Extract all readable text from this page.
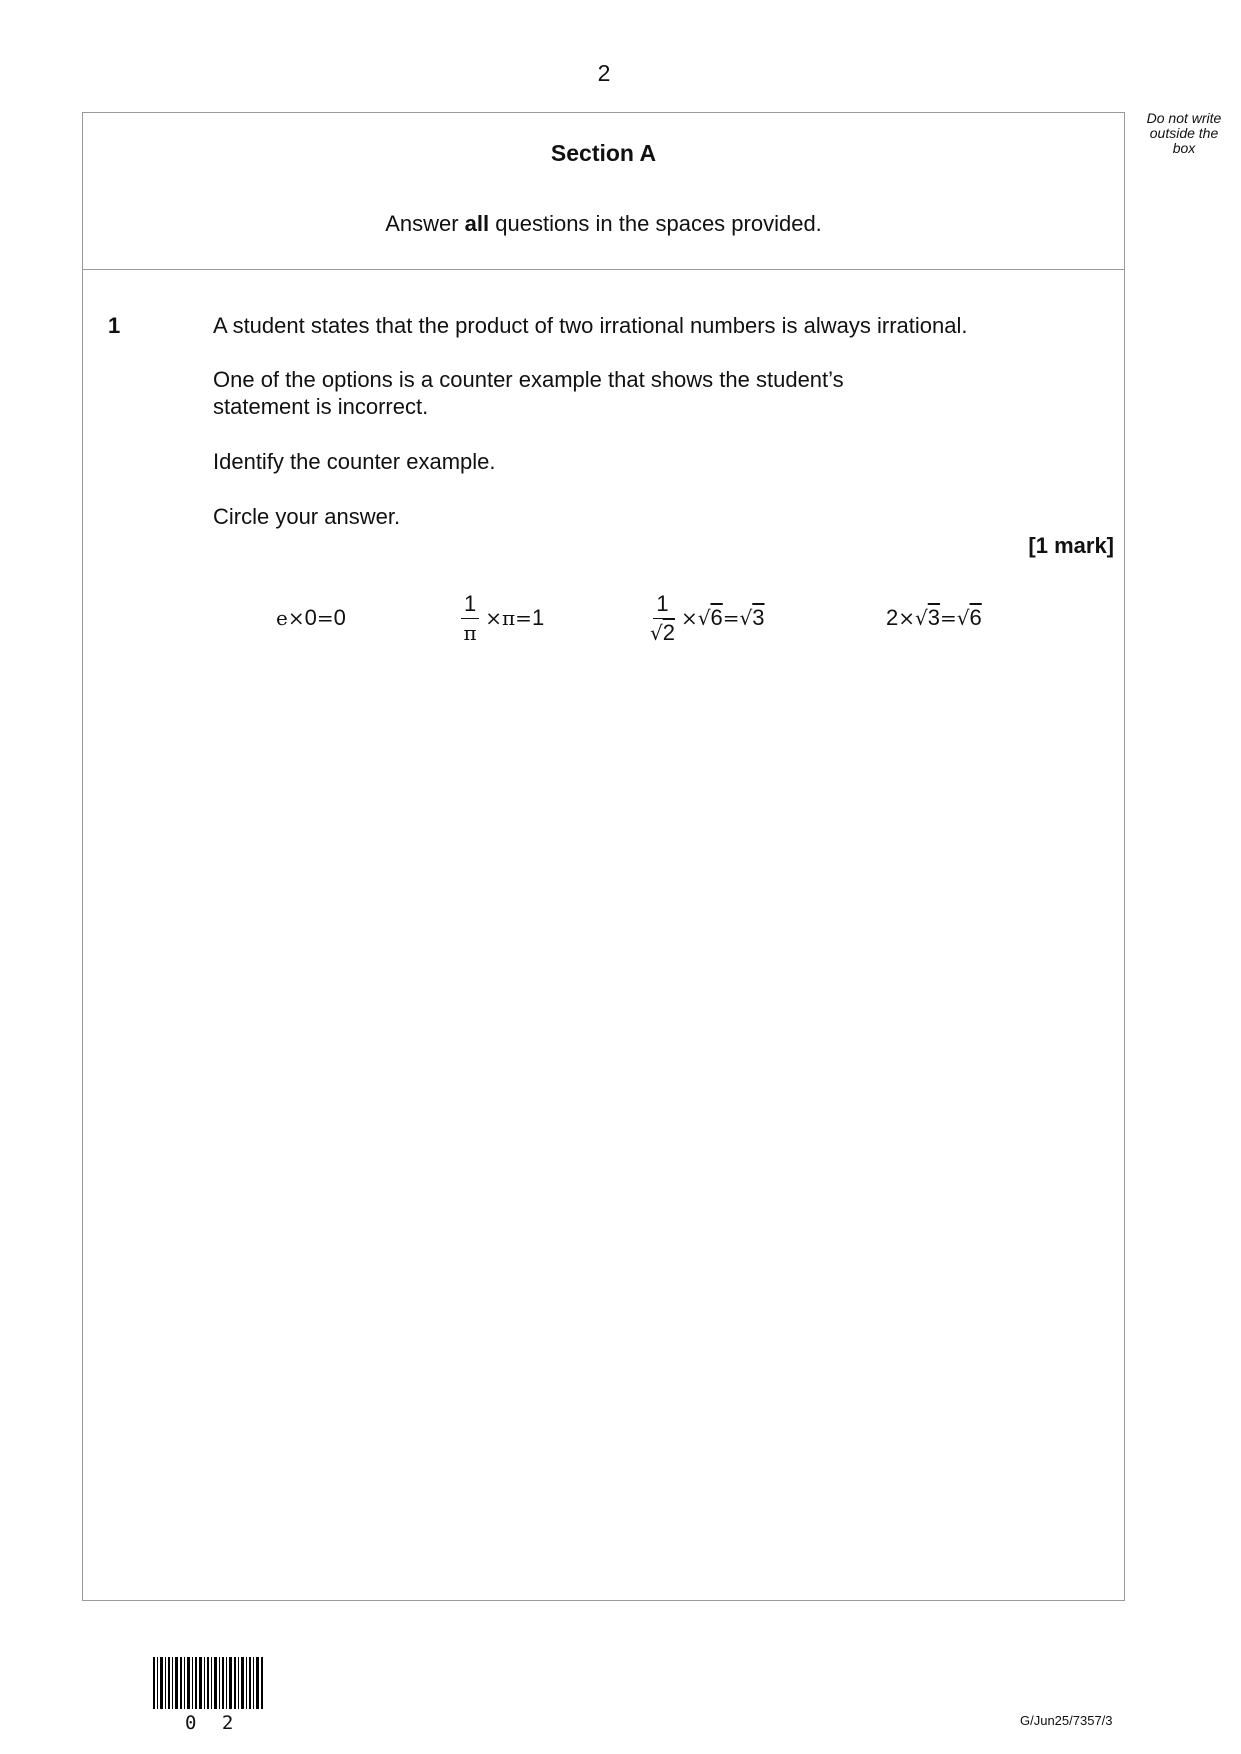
2
Do not write
outside the
box
Section A
Answer all questions in the spaces provided.
1	A student states that the product of two irrational numbers is always irrational.
One of the options is a counter example that shows the student’s statement is incorrect.
Identify the counter example.
Circle your answer.
[1 mark]
e × 0 = 0	$\frac{1}{\pi} \times \pi = 1$	$\frac{1}{√2} \times √6 = √3$	2 × √3 = √6
0 2	G/Jun25/7357/3
